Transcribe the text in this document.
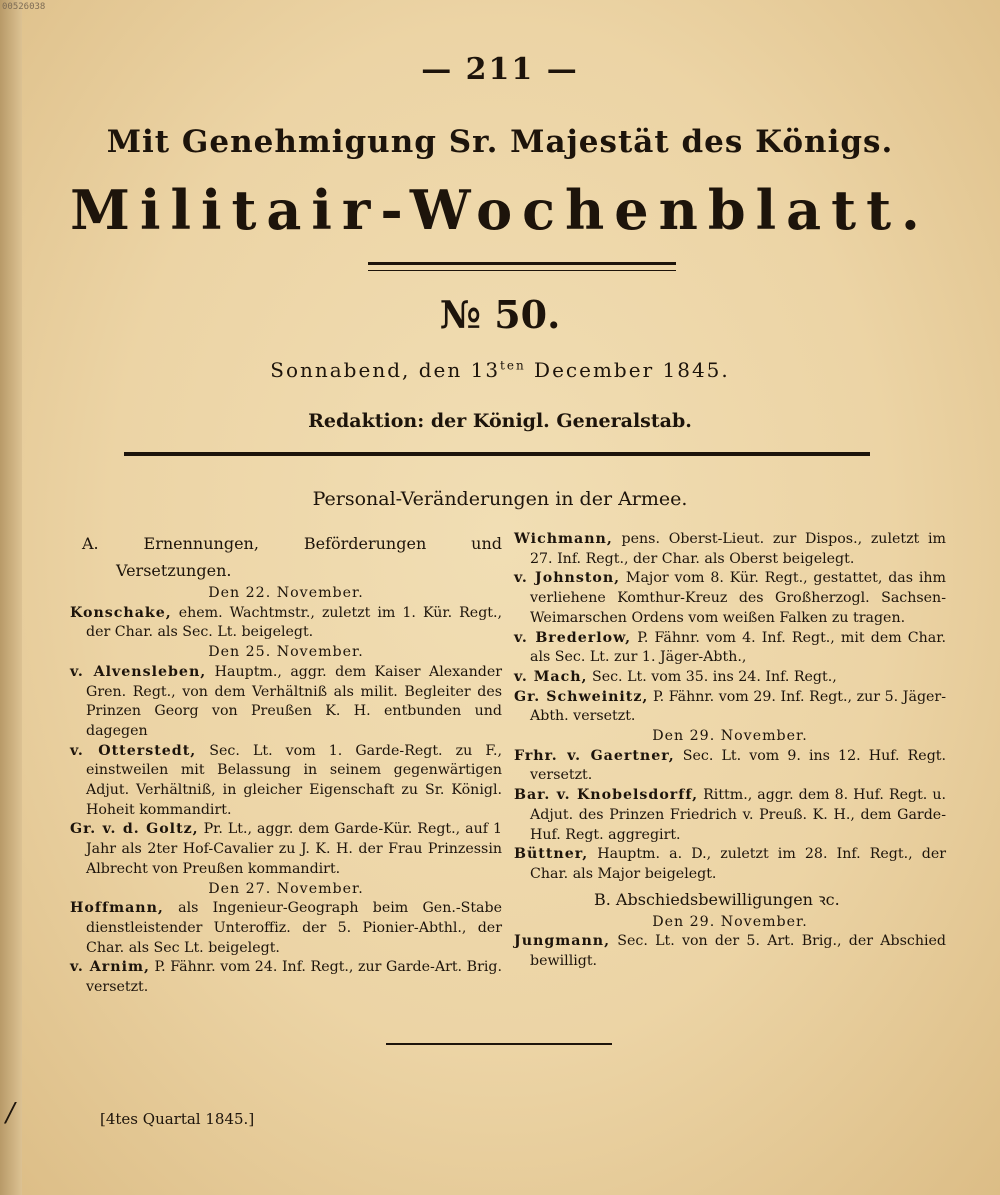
00526038
— 211 —
Mit Genehmigung Sr. Majestät des Königs.
Militair-Wochenblatt.
№ 50.
Sonnabend, den $13^{ten}$ December 1845.
Redaktion: der Königl. Generalstab.
Personal-Veränderungen in der Armee.

A. Ernennungen, Beförderungen und Versetzungen.

Den 22. November.

Konschake, ehem. Wachtmstr., zuletzt im 1. Kür. Regt., der Char. als Sec. Lt. beigelegt.

Den 25. November.

v. Alvensleben, Hauptm., aggr. dem Kaiser Alexander Gren. Regt., von dem Verhältniß als milit. Begleiter des Prinzen Georg von Preußen K. H. entbunden und dagegen

v. Otterstedt, Sec. Lt. vom 1. Garde-Regt. zu F., einstweilen mit Belassung in seinem gegenwärtigen Adjut. Verhältniß, in gleicher Eigenschaft zu Sr. Königl. Hoheit kommandirt.

Gr. v. d. Goltz, Pr. Lt., aggr. dem Garde-Kür. Regt., auf 1 Jahr als 2ter Hof-Cavalier zu J. K. H. der Frau Prinzessin Albrecht von Preußen kommandirt.

Den 27. November.

Hoffmann, als Ingenieur-Geograph beim Gen.-Stabe dienstleistender Unteroffiz. der 5. Pionier-Abthl., der Char. als Sec Lt. beigelegt.

v. Arnim, P. Fähnr. vom 24. Inf. Regt., zur Garde-Art. Brig. versetzt.

Wichmann, pens. Oberst-Lieut. zur Dispos., zuletzt im 27. Inf. Regt., der Char. als Oberst beigelegt.

v. Johnston, Major vom 8. Kür. Regt., gestattet, das ihm verliehene Komthur-Kreuz des Großherzogl. Sachsen-Weimarschen Ordens vom weißen Falken zu tragen.

v. Brederlow, P. Fähnr. vom 4. Inf. Regt., mit dem Char. als Sec. Lt. zur 1. Jäger-Abth.,

v. Mach, Sec. Lt. vom 35. ins 24. Inf. Regt.,

Gr. Schweinitz, P. Fähnr. vom 29. Inf. Regt., zur 5. Jäger-Abth. versetzt.

Den 29. November.

Frhr. v. Gaertner, Sec. Lt. vom 9. ins 12. Huf. Regt. versetzt.

Bar. v. Knobelsdorff, Rittm., aggr. dem 8. Huf. Regt. u. Adjut. des Prinzen Friedrich v. Preuß. K. H., dem Garde-Huf. Regt. aggregirt.

Büttner, Hauptm. a. D., zuletzt im 28. Inf. Regt., der Char. als Major beigelegt.

B. Abschiedsbewilligungen ꝛc.

Den 29. November.

Jungmann, Sec. Lt. von der 5. Art. Brig., der Abschied bewilligt.

/	[4tes Quartal 1845.]
